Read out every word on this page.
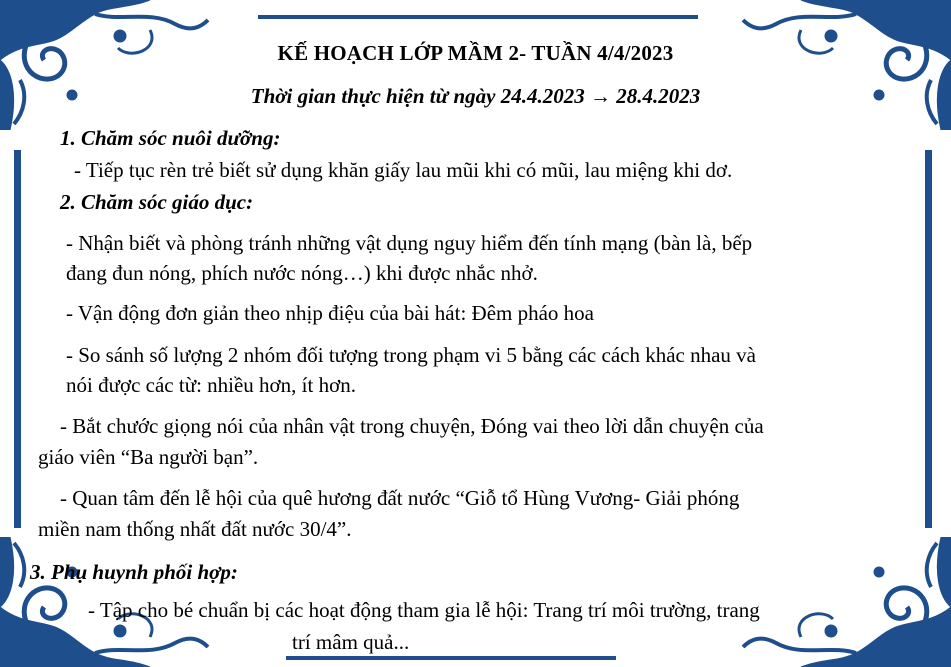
KẾ HOẠCH LỚP MẦM 2- TUẦN 4/4/2023
Thời gian thực hiện từ ngày 24.4.2023 → 28.4.2023
1. Chăm sóc nuôi dưỡng:
- Tiếp tục rèn trẻ biết sử dụng khăn giấy lau mũi khi có mũi, lau miệng khi dơ.
2. Chăm sóc giáo dục:
- Nhận biết và phòng tránh những vật dụng nguy hiểm đến tính mạng (bàn là, bếp
đang đun nóng, phích nước nóng…) khi được nhắc nhở.
- Vận động đơn giản theo nhịp điệu của bài hát: Đêm pháo hoa
- So sánh số lượng 2 nhóm đối tượng trong phạm vi 5 bằng các cách khác nhau và
nói được các từ: nhiều hơn, ít hơn.
- Bắt chước giọng nói của nhân vật trong chuyện, Đóng vai theo lời dẫn chuyện của
giáo viên “Ba người bạn”.
- Quan tâm đến lễ hội của quê hương đất nước “Giỗ tổ Hùng Vương- Giải phóng
miền nam thống nhất đất nước 30/4”.
3. Phụ huynh phối hợp:
- Tập cho bé chuẩn bị các hoạt động tham gia lễ hội: Trang trí môi trường, trang
trí mâm quả...
